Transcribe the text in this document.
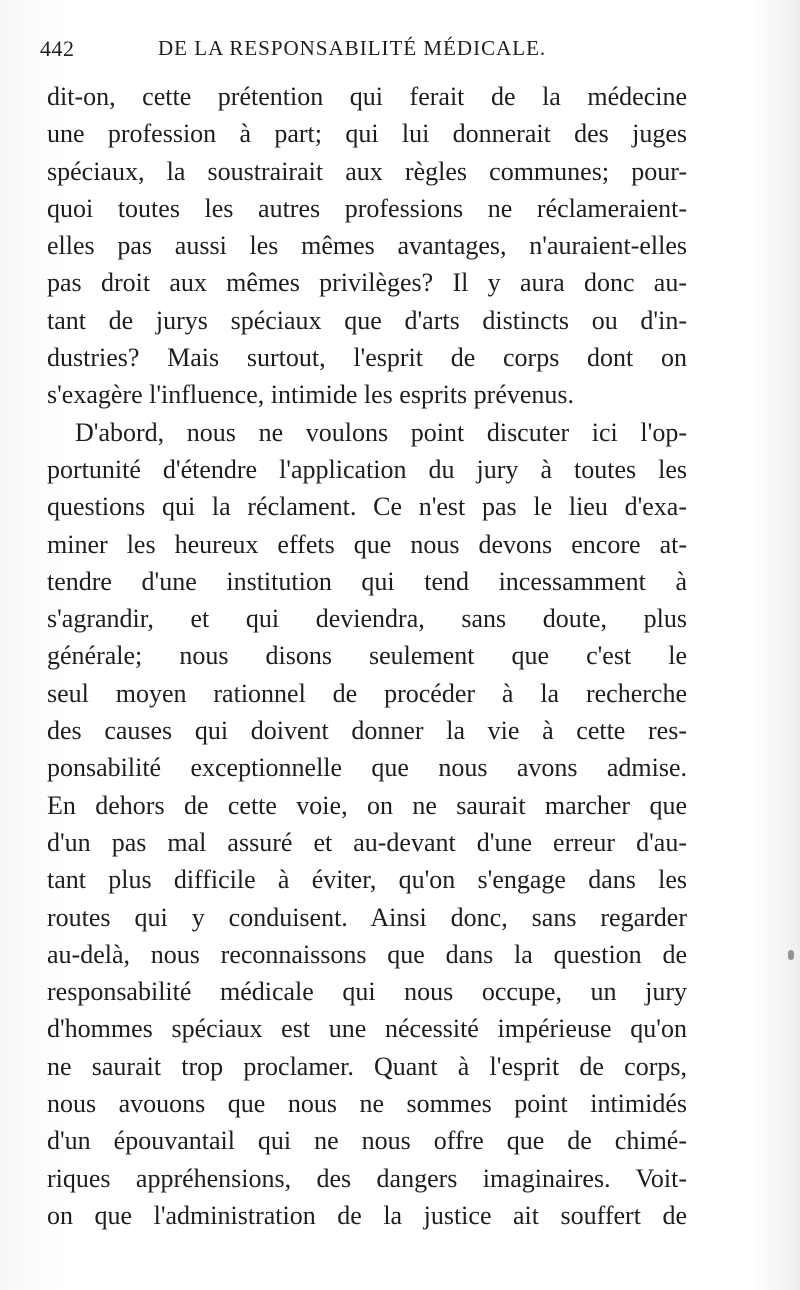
442	DE LA RESPONSABILITÉ MÉDICALE.
dit-on, cette prétention qui ferait de la médecine
une profession à part; qui lui donnerait des juges
spéciaux, la soustrairait aux règles communes; pour-
quoi toutes les autres professions ne réclameraient-
elles pas aussi les mêmes avantages, n'auraient-elles
pas droit aux mêmes privilèges? Il y aura donc au-
tant de jurys spéciaux que d'arts distincts ou d'in-
dustries? Mais surtout, l'esprit de corps dont on
s'exagère l'influence, intimide les esprits prévenus.
D'abord, nous ne voulons point discuter ici l'op-
portunité d'étendre l'application du jury à toutes les
questions qui la réclament. Ce n'est pas le lieu d'exa-
miner les heureux effets que nous devons encore at-
tendre d'une institution qui tend incessamment à
s'agrandir, et qui deviendra, sans doute, plus
générale; nous disons seulement que c'est le
seul moyen rationnel de procéder à la recherche
des causes qui doivent donner la vie à cette res-
ponsabilité exceptionnelle que nous avons admise.
En dehors de cette voie, on ne saurait marcher que
d'un pas mal assuré et au-devant d'une erreur d'au-
tant plus difficile à éviter, qu'on s'engage dans les
routes qui y conduisent. Ainsi donc, sans regarder
au-delà, nous reconnaissons que dans la question de
responsabilité médicale qui nous occupe, un jury
d'hommes spéciaux est une nécessité impérieuse qu'on
ne saurait trop proclamer. Quant à l'esprit de corps,
nous avouons que nous ne sommes point intimidés
d'un épouvantail qui ne nous offre que de chimé-
riques appréhensions, des dangers imaginaires. Voit-
on que l'administration de la justice ait souffert de
